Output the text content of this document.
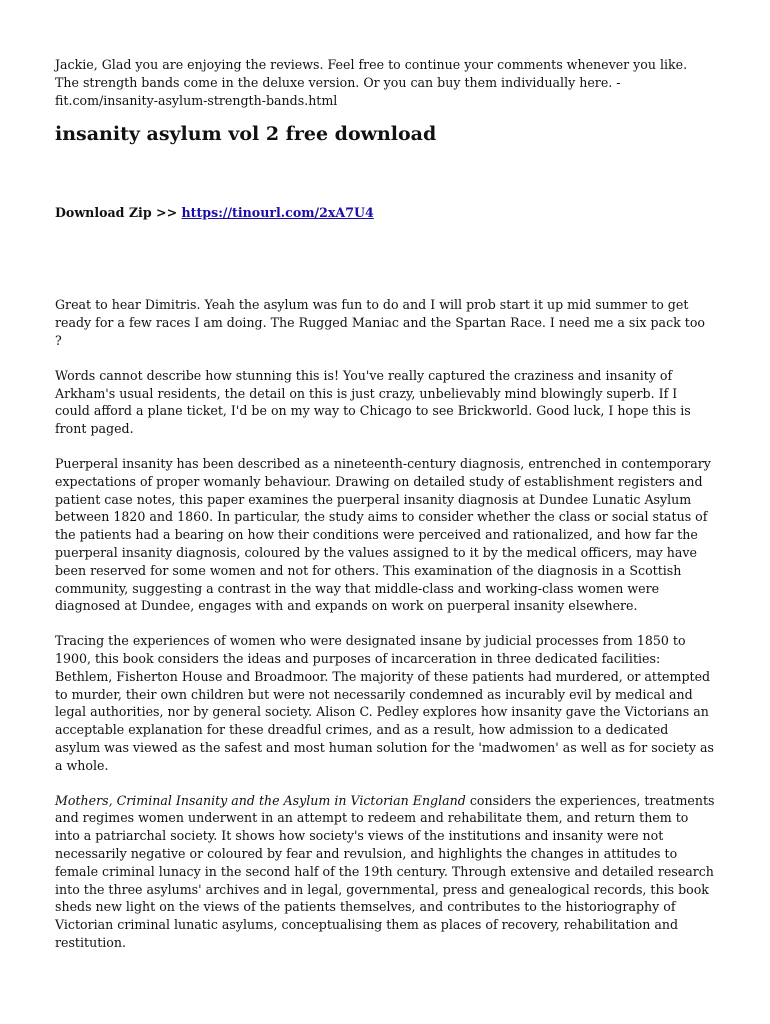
Jackie, Glad you are enjoying the reviews. Feel free to continue your comments whenever you like. The strength bands come in the deluxe version. Or you can buy them individually here. - fit.com/insanity-asylum-strength-bands.html

insanity asylum vol 2 free download

Download Zip >> https://tinourl.com/2xA7U4

Great to hear Dimitris. Yeah the asylum was fun to do and I will prob start it up mid summer to get ready for a few races I am doing. The Rugged Maniac and the Spartan Race. I need me a six pack too ?

Words cannot describe how stunning this is! You've really captured the craziness and insanity of Arkham's usual residents, the detail on this is just crazy, unbelievably mind blowingly superb. If I could afford a plane ticket, I'd be on my way to Chicago to see Brickworld. Good luck, I hope this is front paged.

Puerperal insanity has been described as a nineteenth-century diagnosis, entrenched in contemporary expectations of proper womanly behaviour. Drawing on detailed study of establishment registers and patient case notes, this paper examines the puerperal insanity diagnosis at Dundee Lunatic Asylum between 1820 and 1860. In particular, the study aims to consider whether the class or social status of the patients had a bearing on how their conditions were perceived and rationalized, and how far the puerperal insanity diagnosis, coloured by the values assigned to it by the medical officers, may have been reserved for some women and not for others. This examination of the diagnosis in a Scottish community, suggesting a contrast in the way that middle-class and working-class women were diagnosed at Dundee, engages with and expands on work on puerperal insanity elsewhere.

Tracing the experiences of women who were designated insane by judicial processes from 1850 to 1900, this book considers the ideas and purposes of incarceration in three dedicated facilities: Bethlem, Fisherton House and Broadmoor. The majority of these patients had murdered, or attempted to murder, their own children but were not necessarily condemned as incurably evil by medical and legal authorities, nor by general society. Alison C. Pedley explores how insanity gave the Victorians an acceptable explanation for these dreadful crimes, and as a result, how admission to a dedicated asylum was viewed as the safest and most human solution for the 'madwomen' as well as for society as a whole.

Mothers, Criminal Insanity and the Asylum in Victorian England considers the experiences, treatments and regimes women underwent in an attempt to redeem and rehabilitate them, and return them to into a patriarchal society. It shows how society's views of the institutions and insanity were not necessarily negative or coloured by fear and revulsion, and highlights the changes in attitudes to female criminal lunacy in the second half of the 19th century. Through extensive and detailed research into the three asylums' archives and in legal, governmental, press and genealogical records, this book sheds new light on the views of the patients themselves, and contributes to the historiography of Victorian criminal lunatic asylums, conceptualising them as places of recovery, rehabilitation and restitution.
